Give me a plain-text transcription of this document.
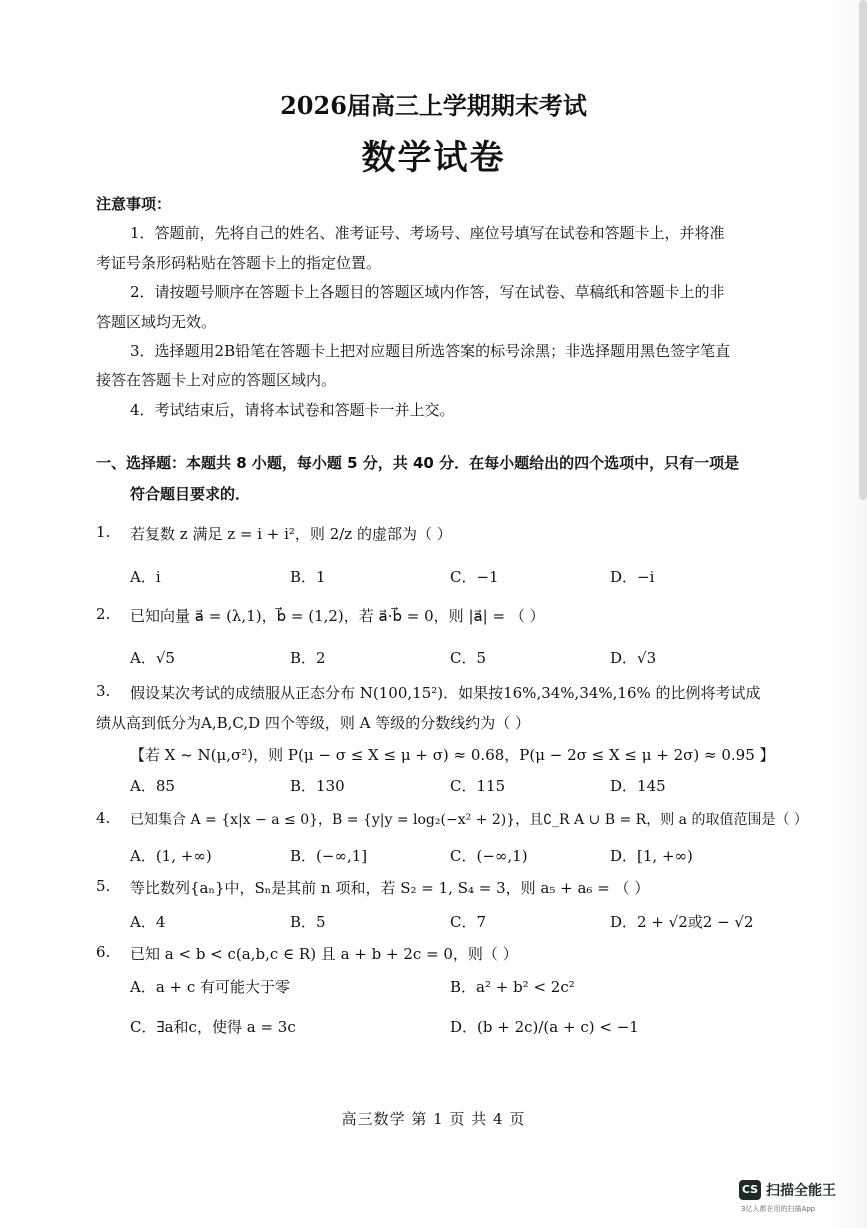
2026届高三上学期期末考试
数学试卷
注意事项：
1．答题前，先将自己的姓名、准考证号、考场号、座位号填写在试卷和答题卡上，并将准
考证号条形码粘贴在答题卡上的指定位置。
2．请按题号顺序在答题卡上各题目的答题区域内作答，写在试卷、草稿纸和答题卡上的非
答题区域均无效。
3．选择题用2B铅笔在答题卡上把对应题目所选答案的标号涂黑；非选择题用黑色签字笔直
接答在答题卡上对应的答题区域内。
4．考试结束后，请将本试卷和答题卡一并上交。
一、选择题：本题共 8 小题，每小题 5 分，共 40 分．在每小题给出的四个选项中，只有一项是
符合题目要求的．
1. 若复数 z 满足 z = i + i²，则 2/z 的虚部为（ ）
A．i	B．1	C．−1	D．−i
2. 已知向量 a⃗ = (λ,1)，b⃗ = (1,2)，若 a⃗·b⃗ = 0，则 |a⃗| = （ ）
A．√5	B．2	C．5	D．√3
3. 假设某次考试的成绩服从正态分布 N(100,15²)．如果按16%,34%,34%,16% 的比例将考试成
绩从高到低分为A,B,C,D 四个等级，则 A 等级的分数线约为（ ）
【若 X ~ N(μ,σ²)，则 P(μ − σ ≤ X ≤ μ + σ) ≈ 0.68，P(μ − 2σ ≤ X ≤ μ + 2σ) ≈ 0.95 】
A．85	B．130	C．115	D．145
4. 已知集合 A = {x|x − a ≤ 0}，B = {y|y = log₂(−x² + 2)}，且∁_R A ∪ B = R，则 a 的取值范围是（ ）
A．(1, +∞)	B．(−∞,1]	C．(−∞,1)	D．[1, +∞)
5. 等比数列{aₙ}中，Sₙ是其前 n 项和，若 S₂ = 1, S₄ = 3，则 a₅ + a₆ = （ ）
A．4	B．5	C．7	D．2 + √2或2 − √2
6. 已知 a < b < c(a,b,c ∈ R) 且 a + b + 2c = 0，则（ ）
A．a + c 有可能大于零	B．a² + b² < 2c²
C．∃a和c，使得 a = 3c	D．(b + 2c)/(a + c) < −1
高三数学 第 1 页 共 4 页
CS 扫描全能王
3亿人都在用的扫描App
